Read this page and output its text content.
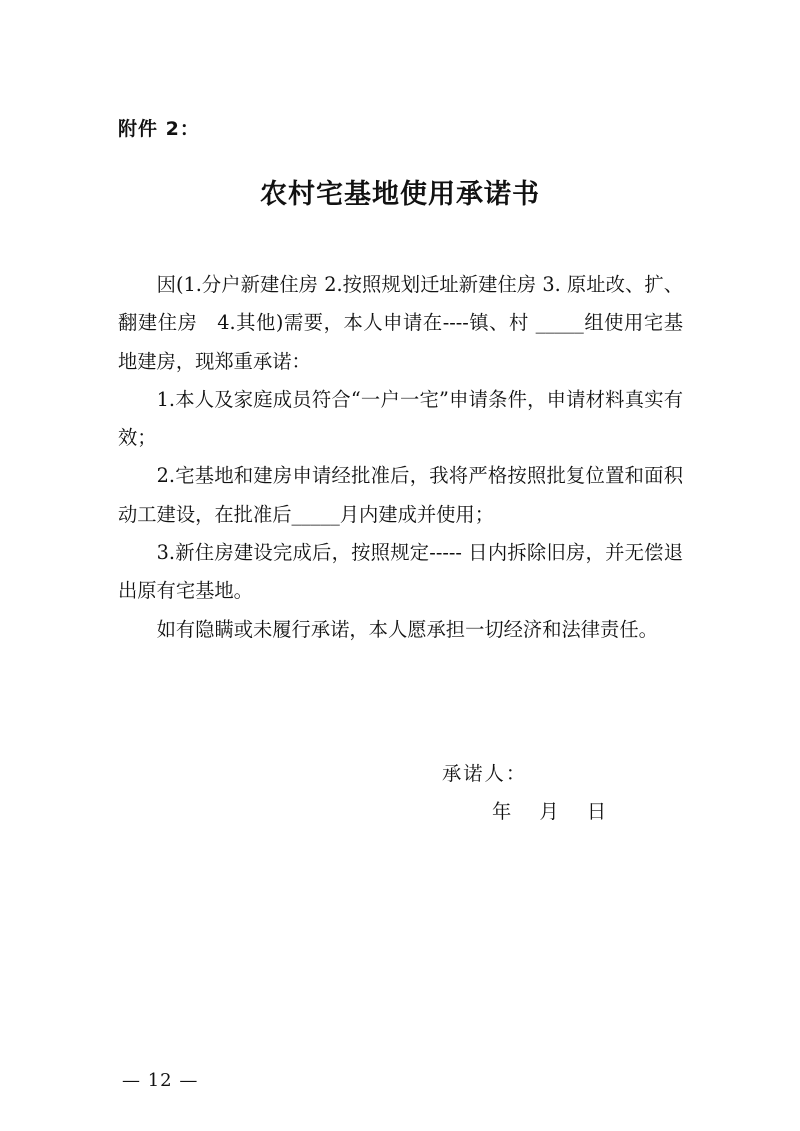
附件 2：
农村宅基地使用承诺书

因(1.分户新建住房 2.按照规划迁址新建住房 3. 原址改、扩、翻建住房　4.其他)需要，本人申请在----镇、村 _____组使用宅基地建房，现郑重承诺：

1.本人及家庭成员符合“一户一宅”申请条件，申请材料真实有效；

2.宅基地和建房申请经批准后，我将严格按照批复位置和面积动工建设，在批准后_____月内建成并使用；

3.新住房建设完成后，按照规定----- 日内拆除旧房，并无偿退出原有宅基地。

如有隐瞒或未履行承诺，本人愿承担一切经济和法律责任。

承诺人：
年 月 日
— 12 —
